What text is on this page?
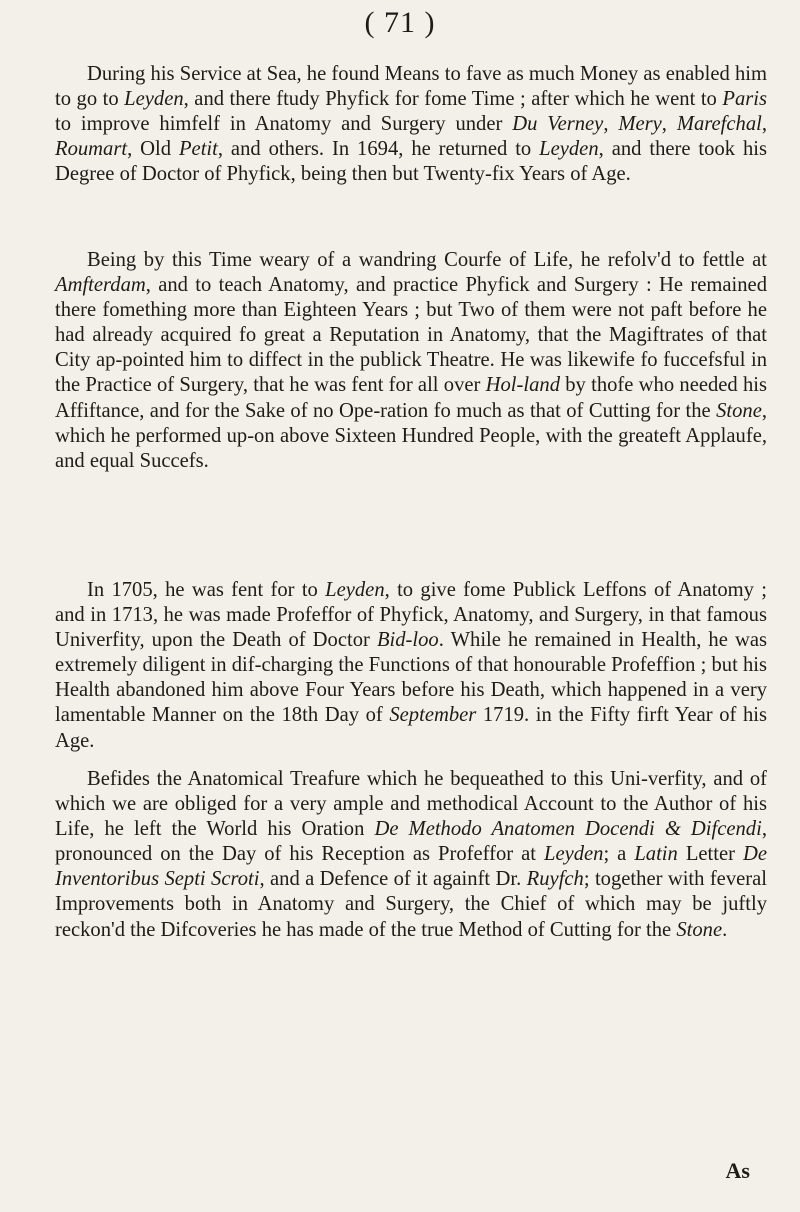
( 71 )

During his Service at Sea, he found Means to fave as much Money as enabled him to go to Leyden, and there ftudy Phyfick for fome Time ; after which he went to Paris to improve himfelf in Anatomy and Surgery under Du Verney, Mery, Marefchal, Roumart, Old Petit, and others. In 1694, he returned to Leyden, and there took his Degree of Doctor of Phyfick, being then but Twenty-fix Years of Age.

Being by this Time weary of a wandring Courfe of Life, he refolv'd to fettle at Amfterdam, and to teach Anatomy, and practice Phyfick and Surgery : He remained there fomething more than Eighteen Years ; but Two of them were not paft before he had already acquired fo great a Reputation in Anatomy, that the Magiftrates of that City ap-pointed him to diffect in the publick Theatre. He was likewife fo fuccefsful in the Practice of Surgery, that he was fent for all over Hol-land by thofe who needed his Affiftance, and for the Sake of no Ope-ration fo much as that of Cutting for the Stone, which he performed up-on above Sixteen Hundred People, with the greateft Applaufe, and equal Succefs.

In 1705, he was fent for to Leyden, to give fome Publick Leffons of Anatomy ; and in 1713, he was made Profeffor of Phyfick, Anatomy, and Surgery, in that famous Univerfity, upon the Death of Doctor Bid-loo. While he remained in Health, he was extremely diligent in dif-charging the Functions of that honourable Profeffion ; but his Health abandoned him above Four Years before his Death, which happened in a very lamentable Manner on the 18th Day of September 1719. in the Fifty firft Year of his Age.

Befides the Anatomical Treafure which he bequeathed to this Uni-verfity, and of which we are obliged for a very ample and methodical Account to the Author of his Life, he left the World his Oration De Methodo Anatomen Docendi & Difcendi, pronounced on the Day of his Reception as Profeffor at Leyden; a Latin Letter De Inventoribus Septi Scroti, and a Defence of it againft Dr. Ruyfch; together with feveral Improvements both in Anatomy and Surgery, the Chief of which may be juftly reckon'd the Difcoveries he has made of the true Method of Cutting for the Stone.

As
